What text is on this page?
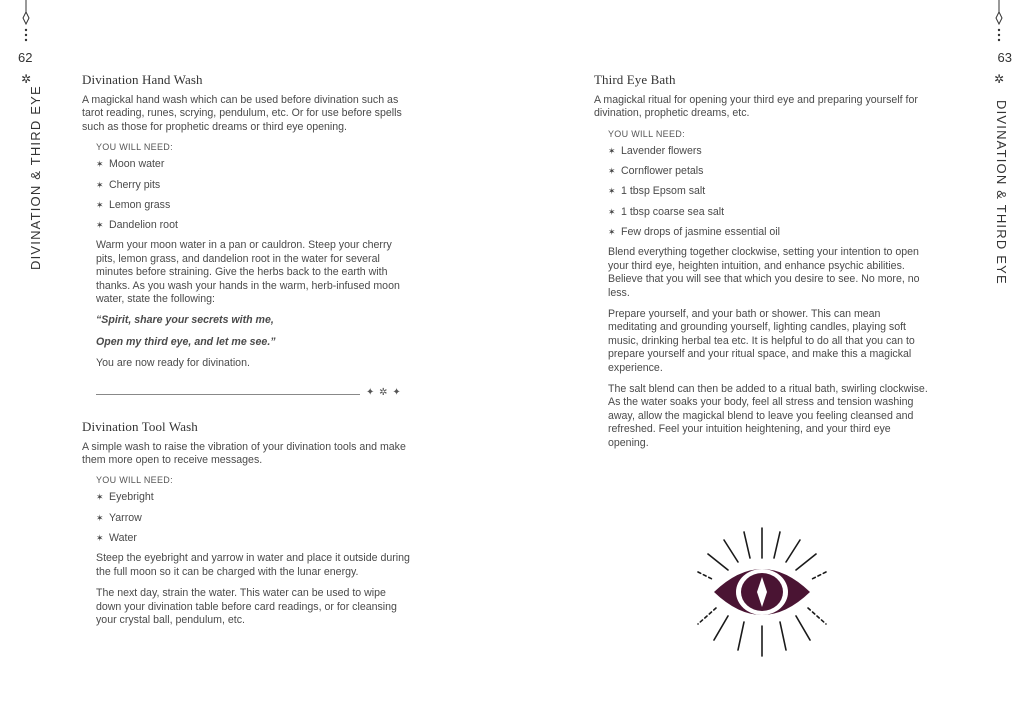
62
✲
DIVINATION & THIRD EYE
Divination Hand Wash

A magickal hand wash which can be used before divination such as tarot reading, runes, scrying, pendulum, etc. Or for use before spells such as those for prophetic dreams or third eye opening.

YOU WILL NEED:
✶ Moon water
✶ Cherry pits
✶ Lemon grass
✶ Dandelion root

Warm your moon water in a pan or cauldron. Steep your cherry pits, lemon grass, and dandelion root in the water for several minutes before straining. Give the herbs back to the earth with thanks. As you wash your hands in the warm, herb-infused moon water, state the following:

“Spirit, share your secrets with me,
Open my third eye, and let me see.”

You are now ready for divination.

✦ ✲ ✦
Divination Tool Wash

A simple wash to raise the vibration of your divination tools and make them more open to receive messages.

YOU WILL NEED:
✶ Eyebright
✶ Yarrow
✶ Water

Steep the eyebright and yarrow in water and place it outside during the full moon so it can be charged with the lunar energy.

The next day, strain the water. This water can be used to wipe down your divination table before card readings, or for cleansing your crystal ball, pendulum, etc.

63
✲
DIVINATION & THIRD EYE
Third Eye Bath

A magickal ritual for opening your third eye and preparing yourself for divination, prophetic dreams, etc.

YOU WILL NEED:
✶ Lavender flowers
✶ Cornflower petals
✶ 1 tbsp Epsom salt
✶ 1 tbsp coarse sea salt
✶ Few drops of jasmine essential oil

Blend everything together clockwise, setting your intention to open your third eye, heighten intuition, and enhance psychic abilities. Believe that you will see that which you desire to see. No more, no less.

Prepare yourself, and your bath or shower. This can mean meditating and grounding yourself, lighting candles, playing soft music, drinking herbal tea etc. It is helpful to do all that you can to prepare yourself and your ritual space, and make this a magickal experience.

The salt blend can then be added to a ritual bath, swirling clockwise. As the water soaks your body, feel all stress and tension washing away, allow the magickal blend to leave you feeling cleansed and refreshed. Feel your intuition heightening, and your third eye opening.
